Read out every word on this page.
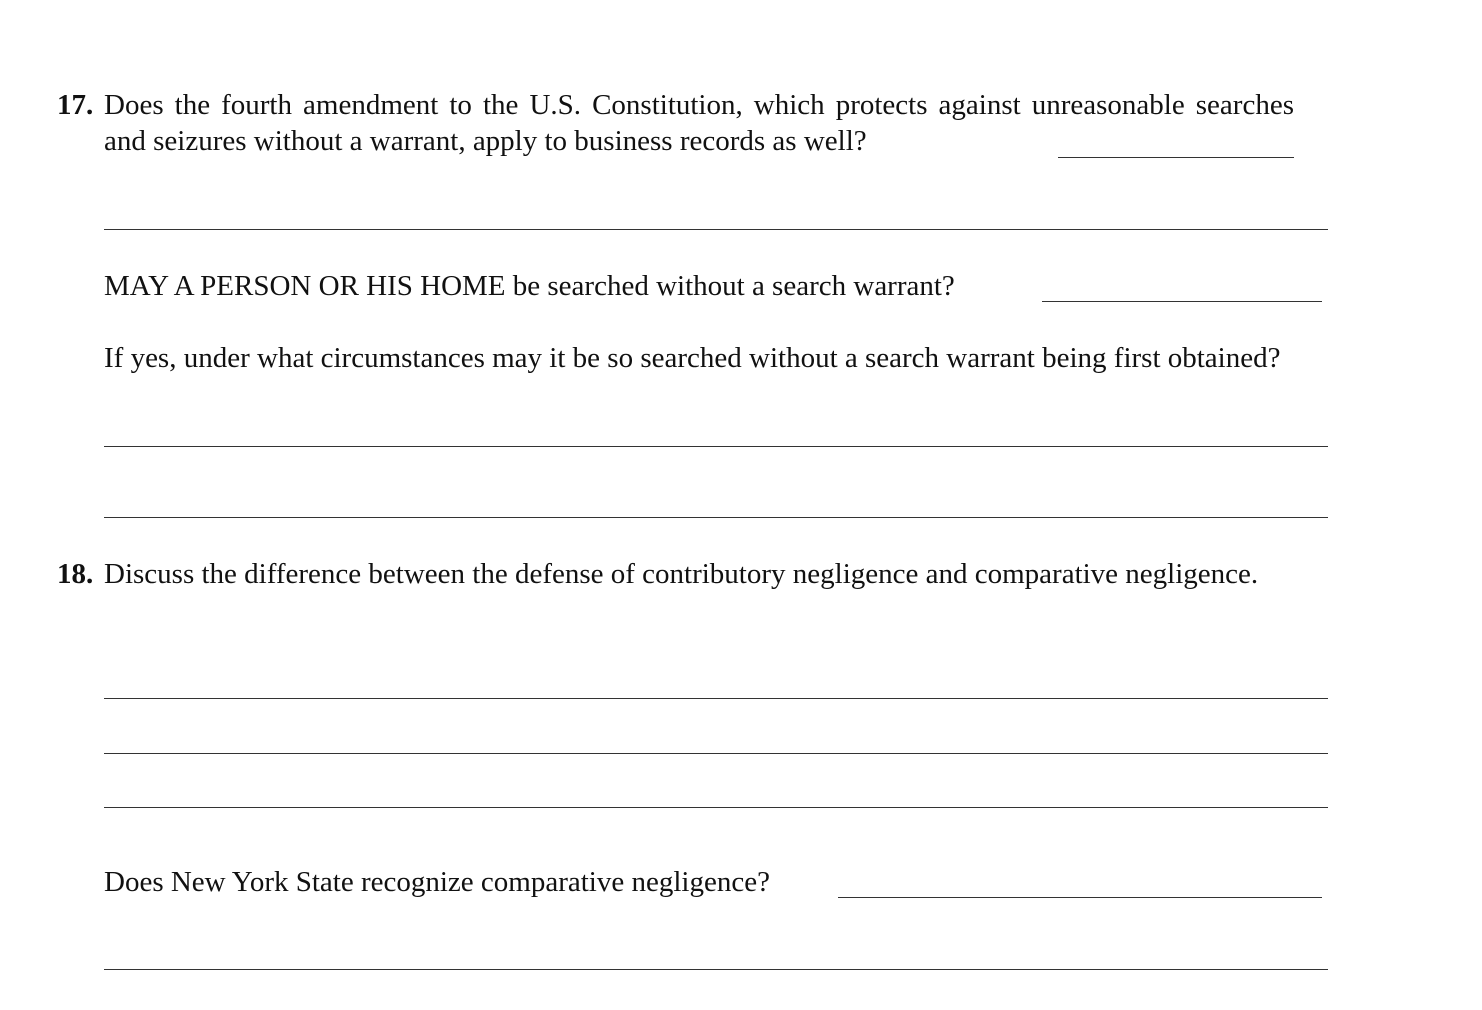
17. Does the fourth amendment to the U.S. Constitution, which protects against unreasonable searches and seizures without a warrant, apply to business records as well?
MAY A PERSON OR HIS HOME be searched without a search warrant?
If yes, under what circumstances may it be so searched without a search warrant being first obtained?
18. Discuss the difference between the defense of contributory negligence and comparative negligence.
Does New York State recognize comparative negligence?
